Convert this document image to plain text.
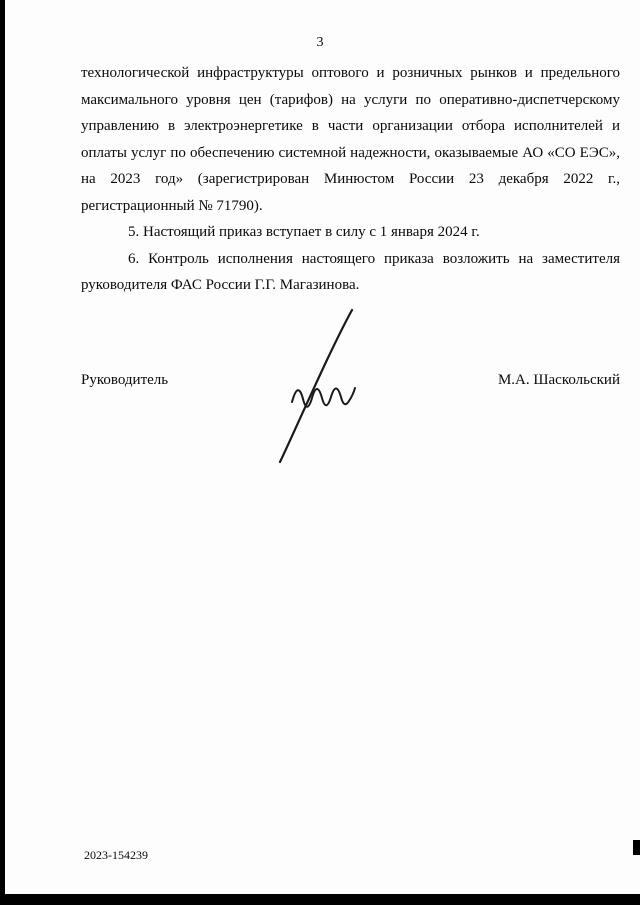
3

технологической инфраструктуры оптового и розничных рынков и предельного максимального уровня цен (тарифов) на услуги по оперативно-диспетчерскому управлению в электроэнергетике в части организации отбора исполнителей и оплаты услуг по обеспечению системной надежности, оказываемые АО «СО ЕЭС», на 2023 год» (зарегистрирован Минюстом России 23 декабря 2022 г., регистрационный № 71790).

5. Настоящий приказ вступает в силу с 1 января 2024 г.

6. Контроль исполнения настоящего приказа возложить на заместителя руководителя ФАС России Г.Г. Магазинова.

Руководитель	М.А. Шаскольский
2023-154239
